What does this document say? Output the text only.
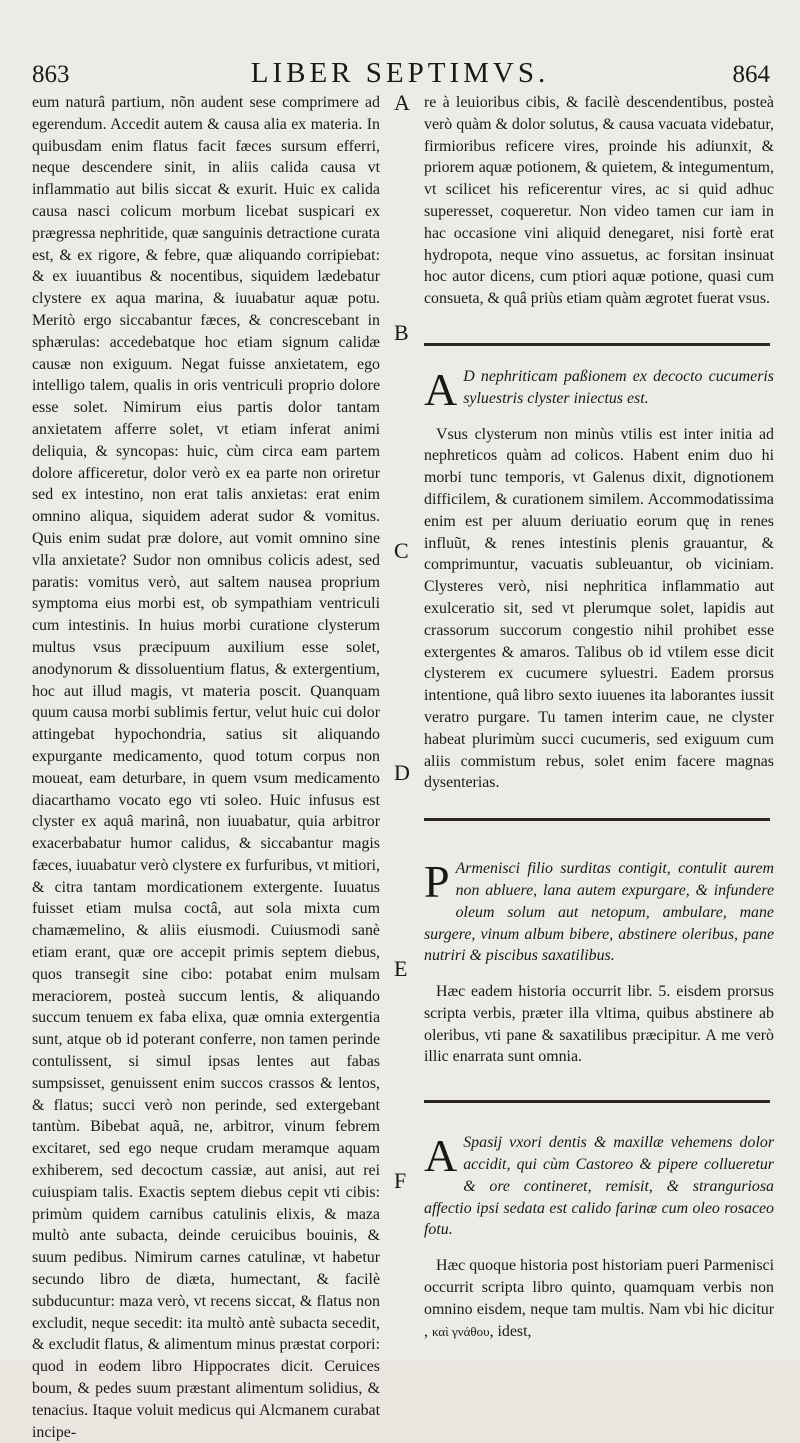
863	LIBER SEPTIMVS.	864

eum naturâ partium, nõn audent sese comprimere ad egerendum. Accedit autem & causa alia ex materia. In quibusdam enim flatus facit fæces sursum efferri, neque descendere sinit, in aliis calida causa vt inflammatio aut bilis siccat & exurit. Huic ex calida causa nasci colicum morbum licebat suspicari ex prægressa nephritide, quæ sanguinis detractione curata est, & ex rigore, & febre, quæ aliquando corripiebat: & ex iuuantibus & nocentibus, siquidem lædebatur clystere ex aqua marina, & iuuabatur aquæ potu. Meritò ergo siccabantur fæces, & concrescebant in sphærulas: accedebatque hoc etiam signum calidæ causæ non exiguum. Negat fuisse anxietatem, ego intelligo talem, qualis in oris ventriculi proprio dolore esse solet. Nimirum eius partis dolor tantam anxietatem afferre solet, vt etiam inferat animi deliquia, & syncopas: huic, cùm circa eam partem dolore afficeretur, dolor verò ex ea parte non oriretur sed ex intestino, non erat talis anxietas: erat enim omnino aliqua, siquidem aderat sudor & vomitus. Quis enim sudat præ dolore, aut vomit omnino sine vlla anxietate? Sudor non omnibus colicis adest, sed paratis: vomitus verò, aut saltem nausea proprium symptoma eius morbi est, ob sympathiam ventriculi cum intestinis. In huius morbi curatione clysterum multus vsus præcipuum auxilium esse solet, anodynorum & dissoluentium flatus, & extergentium, hoc aut illud magis, vt materia poscit. Quanquam quum causa morbi sublimis fertur, velut huic cui dolor attingebat hypochondria, satius sit aliquando expurgante medicamento, quod totum corpus non moueat, eam deturbare, in quem vsum medicamento diacarthamo vocato ego vti soleo. Huic infusus est clyster ex aquâ marinâ, non iuuabatur, quia arbitror exacerbabatur humor calidus, & siccabantur magis fæces, iuuabatur verò clystere ex furfuribus, vt mitiori, & citra tantam mordicationem extergente. Iuuatus fuisset etiam mulsa coctâ, aut sola mixta cum chamæmelino, & aliis eiusmodi. Cuiusmodi sanè etiam erant, quæ ore accepit primis septem diebus, quos transegit sine cibo: potabat enim mulsam meraciorem, posteà succum lentis, & aliquando succum tenuem ex faba elixa, quæ omnia extergentia sunt, atque ob id poterant conferre, non tamen perinde contulissent, si simul ipsas lentes aut fabas sumpsisset, genuissent enim succos crassos & lentos, & flatus; succi verò non perinde, sed extergebant tantùm. Bibebat aquã, ne, arbitror, vinum febrem excitaret, sed ego neque crudam meramque aquam exhiberem, sed decoctum cassiæ, aut anisi, aut rei cuiuspiam talis. Exactis septem diebus cepit vti cibis: primùm quidem carnibus catulinis elixis, & maza multò ante subacta, deinde ceruicibus bouinis, & suum pedibus. Nimirum carnes catulinæ, vt habetur secundo libro de diæta, humectant, & facilè subducuntur: maza verò, vt recens siccat, & flatus non excludit, neque secedit: ita multò antè subacta secedit, & excludit flatus, & alimentum minus præstat corpori: quod in eodem libro Hippocrates dicit. Ceruices boum, & pedes suum præstant alimentum solidius, & tenacius. Itaque voluit medicus qui Alcmanem curabat incipe-

A
B
C
D
E
F

re à leuioribus cibis, & facilè descendentibus, posteà verò quàm & dolor solutus, & causa vacuata videbatur, firmioribus reficere vires, proinde his adiunxit, & priorem aquæ potionem, & quietem, & integumentum, vt scilicet his reficerentur vires, ac si quid adhuc superesset, coqueretur. Non video tamen cur iam in hac occasione vini aliquid denegaret, nisi fortè erat hydropota, neque vino assuetus, ac forsitan insinuat hoc autor dicens, cum ptiori aquæ potione, quasi cum consueta, & quâ priùs etiam quàm ægrotet fuerat vsus.

A D nephriticam paßionem ex decocto cucumeris syluestris clyster iniectus est.

Vsus clysterum non minùs vtilis est inter initia ad nephreticos quàm ad colicos. Habent enim duo hi morbi tunc temporis, vt Galenus dixit, dignotionem difficilem, & curationem similem. Accommodatissima enim est per aluum deriuatio eorum quę in renes influũt, & renes intestinis plenis grauantur, & comprimuntur, vacuatis subleuantur, ob viciniam. Clysteres verò, nisi nephritica inflammatio aut exulceratio sit, sed vt plerumque solet, lapidis aut crassorum succorum congestio nihil prohibet esse extergentes & amaros. Talibus ob id vtilem esse dicit clysterem ex cucumere syluestri. Eadem prorsus intentione, quâ libro sexto iuuenes ita laborantes iussit veratro purgare. Tu tamen interim caue, ne clyster habeat plurimùm succi cucumeris, sed exiguum cum aliis commistum rebus, solet enim facere magnas dysenterias.

P Armenisci filio surditas contigit, contulit aurem non abluere, lana autem expurgare, & infundere oleum solum aut netopum, ambulare, mane surgere, vinum album bibere, abstinere oleribus, pane nutriri & piscibus saxatilibus.

Hæc eadem historia occurrit libr. 5. eisdem prorsus scripta verbis, præter illa vltima, quibus abstinere ab oleribus, vti pane & saxatilibus præcipitur. A me verò illic enarrata sunt omnia.

A Spasij vxori dentis & maxillæ vehemens dolor accidit, qui cùm Castoreo & pipere collueretur & ore contineret, remisit, & stranguriosa affectio ipsi sedata est calido farinæ cum oleo rosaceo fotu.

Hæc quoque historia post historiam pueri Parmenisci occurrit scripta libro quinto, quamquam verbis non omnino eisdem, neque tam multis. Nam vbi hic dicitur , καὶ γνάθου, idest,
